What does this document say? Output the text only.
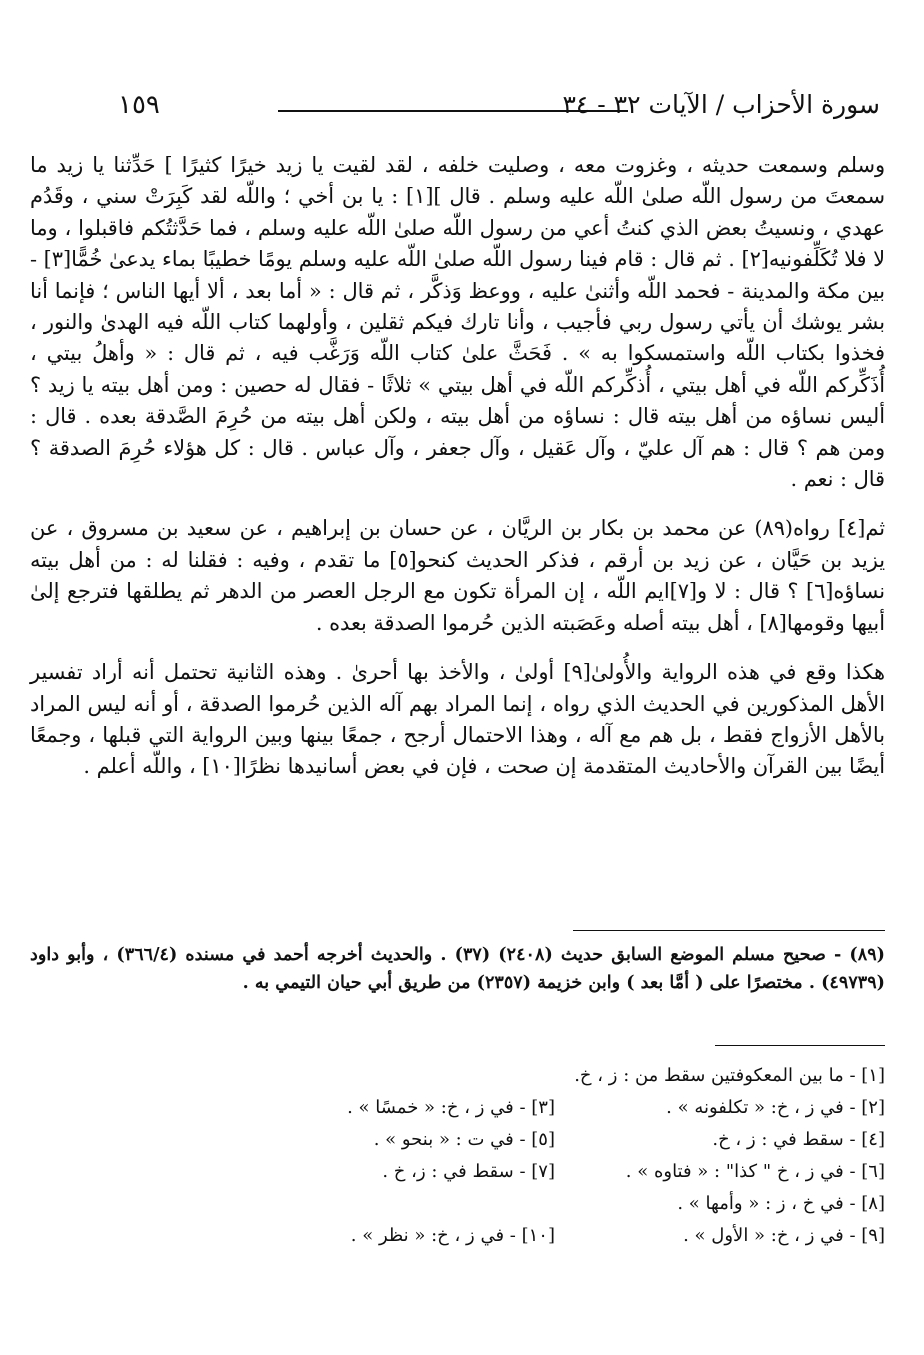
١٥٩	سورة الأحزاب / الآيات ٣٢ - ٣٤

وسلم وسمعت حديثه ، وغزوت معه ، وصليت خلفه ، لقد لقيت يا زيد خيرًا كثيرًا ] حَدِّثنا يا زيد ما سمعتَ من رسول اللّه صلىٰ اللّه عليه وسلم . قال ][١] : يا بن أخي ؛ واللّه لقد كَبِرَتْ سني ، وقَدُم عهدي ، ونسيتُ بعض الذي كنتُ أعي من رسول اللّه صلىٰ اللّه عليه وسلم ، فما حَدَّثتُكم فاقبلوا ، وما لا فلا تُكَلِّفونيه[٢] . ثم قال : قام فينا رسول اللّه صلىٰ اللّه عليه وسلم يومًا خطيبًا بماء يدعىٰ خُمًّا[٣] - بين مكة والمدينة - فحمد اللّه وأثنىٰ عليه ، ووعظ وَذكَّر ، ثم قال : « أما بعد ، ألا أيها الناس ؛ فإنما أنا بشر يوشك أن يأتي رسول ربي فأجيب ، وأنا تارك فيكم ثقلين ، وأولهما كتاب اللّه فيه الهدىٰ والنور ، فخذوا بكتاب اللّه واستمسكوا به » . فَحَثَّ علىٰ كتاب اللّه وَرَغَّب فيه ، ثم قال : « وأهلُ بيتي ، أُذَكِّركم اللّه في أهل بيتي ، أُذكِّركم اللّه في أهل بيتي » ثلاثًا - فقال له حصين : ومن أهل بيته يا زيد ؟ أليس نساؤه من أهل بيته قال : نساؤه من أهل بيته ، ولكن أهل بيته من حُرِمَ الصَّدقة بعده . قال : ومن هم ؟ قال : هم آل عليّ ، وآل عَقيل ، وآل جعفر ، وآل عباس . قال : كل هؤلاء حُرِمَ الصدقة ؟ قال : نعم .

ثم[٤] رواه(٨٩) عن محمد بن بكار بن الريَّان ، عن حسان بن إبراهيم ، عن سعيد بن مسروق ، عن يزيد بن حَيَّان ، عن زيد بن أرقم ، فذكر الحديث كنحو[٥] ما تقدم ، وفيه : فقلنا له : من أهل بيته نساؤه[٦] ؟ قال : لا و[٧]ايم اللّه ، إن المرأة تكون مع الرجل العصر من الدهر ثم يطلقها فترجع إلىٰ أبيها وقومها[٨] ، أهل بيته أصله وعَصَبته الذين حُرموا الصدقة بعده .

هكذا وقع في هذه الرواية والأُولىٰ[٩] أولىٰ ، والأخذ بها أحرىٰ . وهذه الثانية تحتمل أنه أراد تفسير الأهل المذكورين في الحديث الذي رواه ، إنما المراد بهم آله الذين حُرموا الصدقة ، أو أنه ليس المراد بالأهل الأزواج فقط ، بل هم مع آله ، وهذا الاحتمال أرجح ، جمعًا بينها وبين الرواية التي قبلها ، وجمعًا أيضًا بين القرآن والأحاديث المتقدمة إن صحت ، فإن في بعض أسانيدها نظرًا[١٠] ، واللّه أعلم .

(٨٩) - صحيح مسلم الموضع السابق حديث (٢٤٠٨) (٣٧) . والحديث أخرجه أحمد في مسنده (٣٦٦/٤) ، وأبو داود (٤٩٧٣٩) . مختصرًا على ( أمَّا بعد ) وابن خزيمة (٢٣٥٧) من طريق أبي حيان التيمي به .

[١] - ما بين المعكوفتين سقط من : ز ، خ.
[٢] - في ز ، خ: « تكلفونه » .
[٣] - في ز ، خ: « خمسًا » .
[٤] - سقط في : ز ، خ.
[٥] - في ت : « بنحو » .
[٦] - في ز ، خ " كذا" : « فتاوه » .
[٧] - سقط في : ز، خ .
[٨] - في خ ، ز : « وأمها » .
[٩] - في ز ، خ: « الأول » .
[١٠] - في ز ، خ: « نظر » .
